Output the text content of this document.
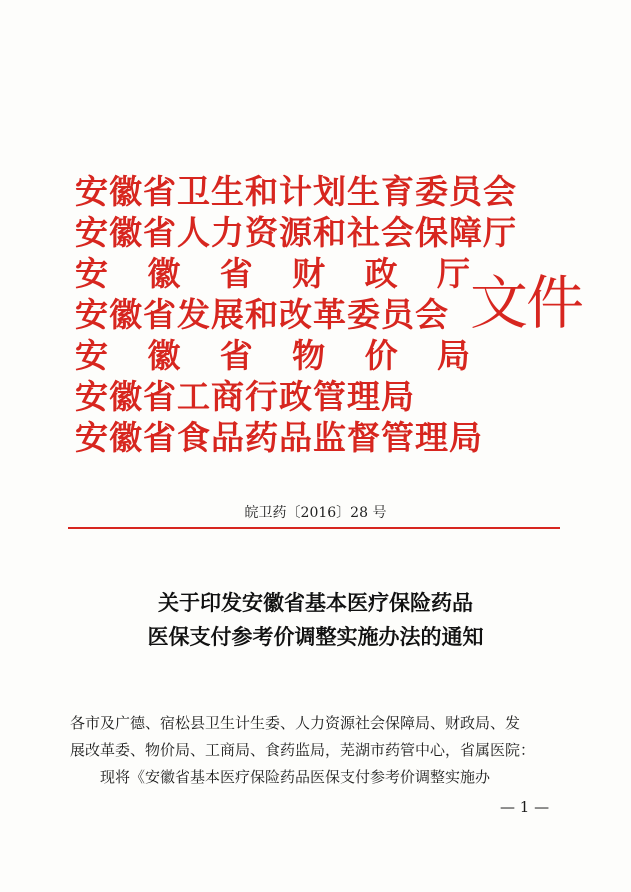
安徽省卫生和计划生育委员会
安徽省人力资源和社会保障厅
安 徽 省 财 政 厅
安徽省发展和改革委员会
安 徽 省 物 价 局
安徽省工商行政管理局
安徽省食品药品监督管理局
文件
皖卫药〔2016〕28 号
关于印发安徽省基本医疗保险药品
医保支付参考价调整实施办法的通知
各市及广德、宿松县卫生计生委、人力资源社会保障局、财政局、发
展改革委、物价局、工商局、食药监局，芜湖市药管中心，省属医院：
现将《安徽省基本医疗保险药品医保支付参考价调整实施办
— 1 —
